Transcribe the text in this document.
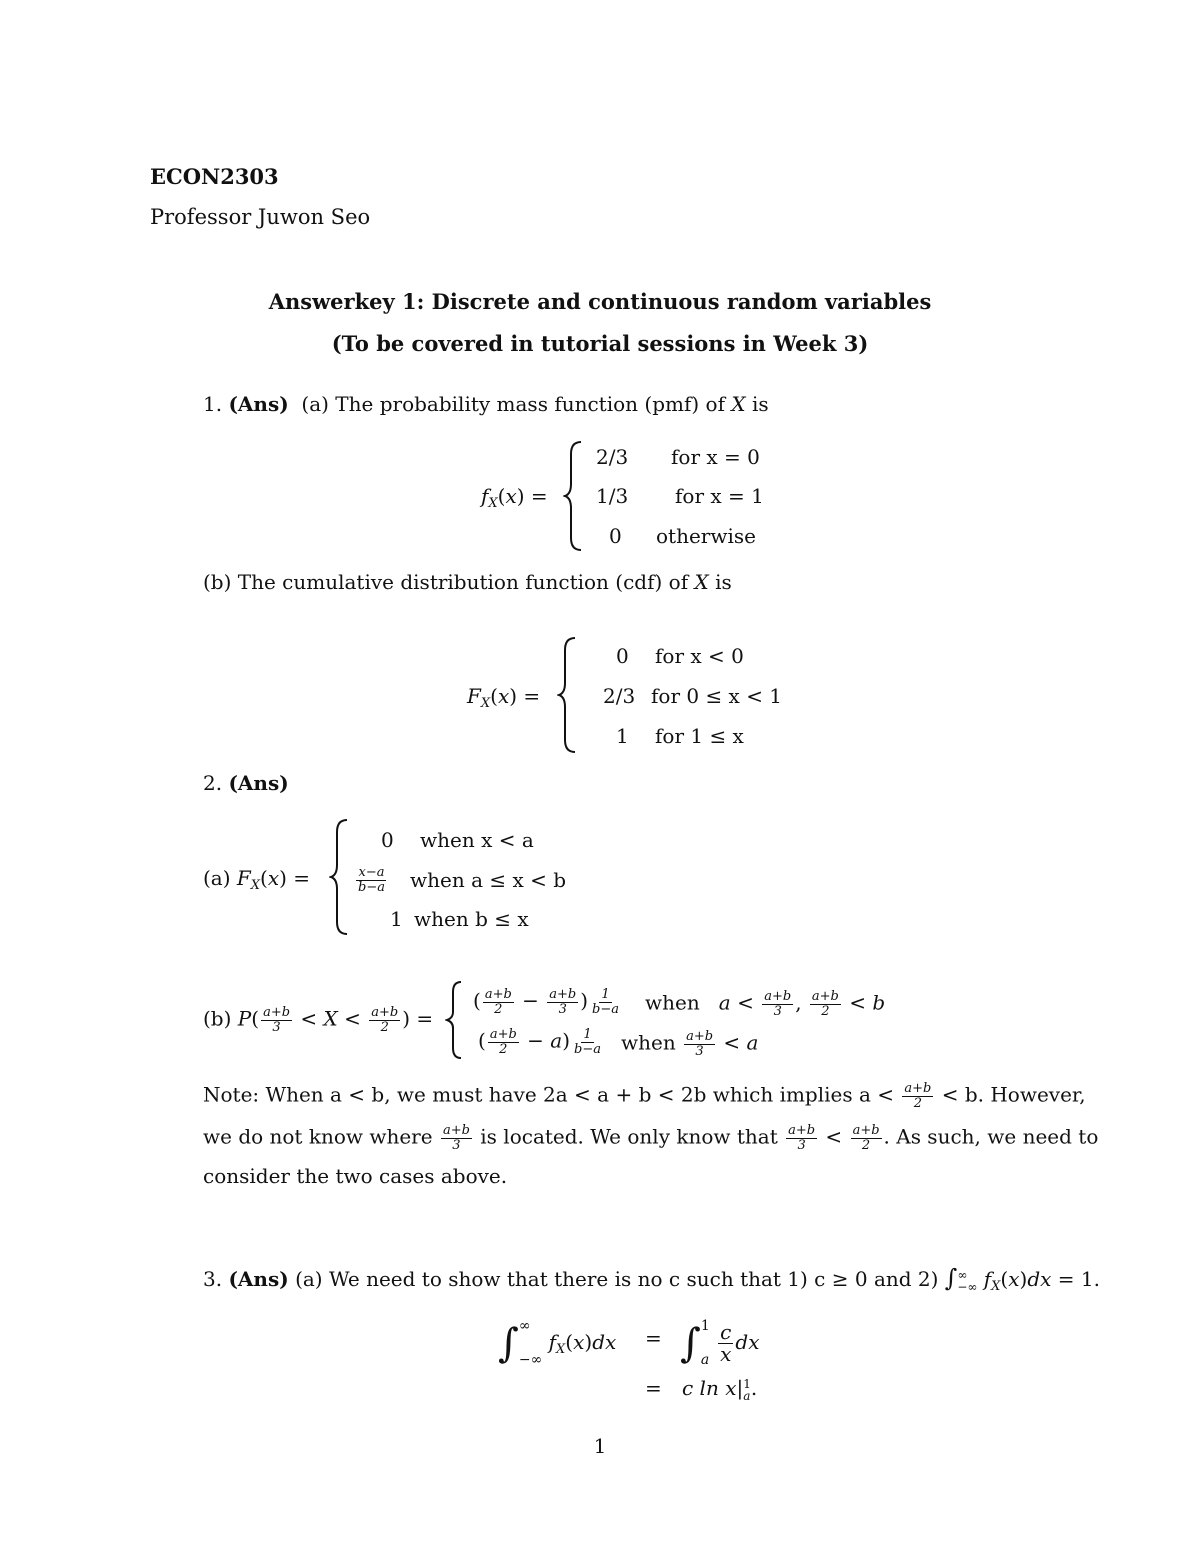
ECON2303
Professor Juwon Seo
Answerkey 1: Discrete and continuous random variables
(To be covered in tutorial sessions in Week 3)
1. (Ans) (a) The probability mass function (pmf) of X is
$f_X(x)$ =
2/3 for x = 0
1/3 for x = 1
0 otherwise
(b) The cumulative distribution function (cdf) of X is
$F_X(x)$ =
0 for x < 0
2/3 for 0 ≤ x < 1
1 for 1 ≤ x
2. (Ans)
(a) $F_X(x)$ =
0 when x < a
$\frac{x-a}{b-a}$ when a ≤ x < b
1 when b ≤ x
(b) $P( \frac{a+b}{3} < X < \frac{a+b}{2}$ ) =
( $\frac{a+b}{2} - \frac{a+b}{3}$ ) $\frac{1}{b-a}$ when $a < \frac{a+b}{3}$ , $\frac{a+b}{2} < b$
( $\frac{a+b}{2} - a) \frac{1}{b-a}$ when $\frac{a+b}{3} < a$
Note: When a < b, we must have 2a < a + b < 2b which implies $a < \frac{a+b}{2} < b$. However,
we do not know where $\frac{a+b}{3}$ is located. We only know that $\frac{a+b}{3} < \frac{a+b}{2}$ . As such, we need to
consider the two cases above.
3. (Ans) (a) We need to show that there is no c such that 1) c ≥ 0 and 2) ∫ ∞
−∞ $f_X(x)dx = 1$.
∫ ∞
−∞
$f_X(x)dx$ = ∫ 1
a
$\frac{c}{x}$ dx
= c ln x| 1
a .
1
